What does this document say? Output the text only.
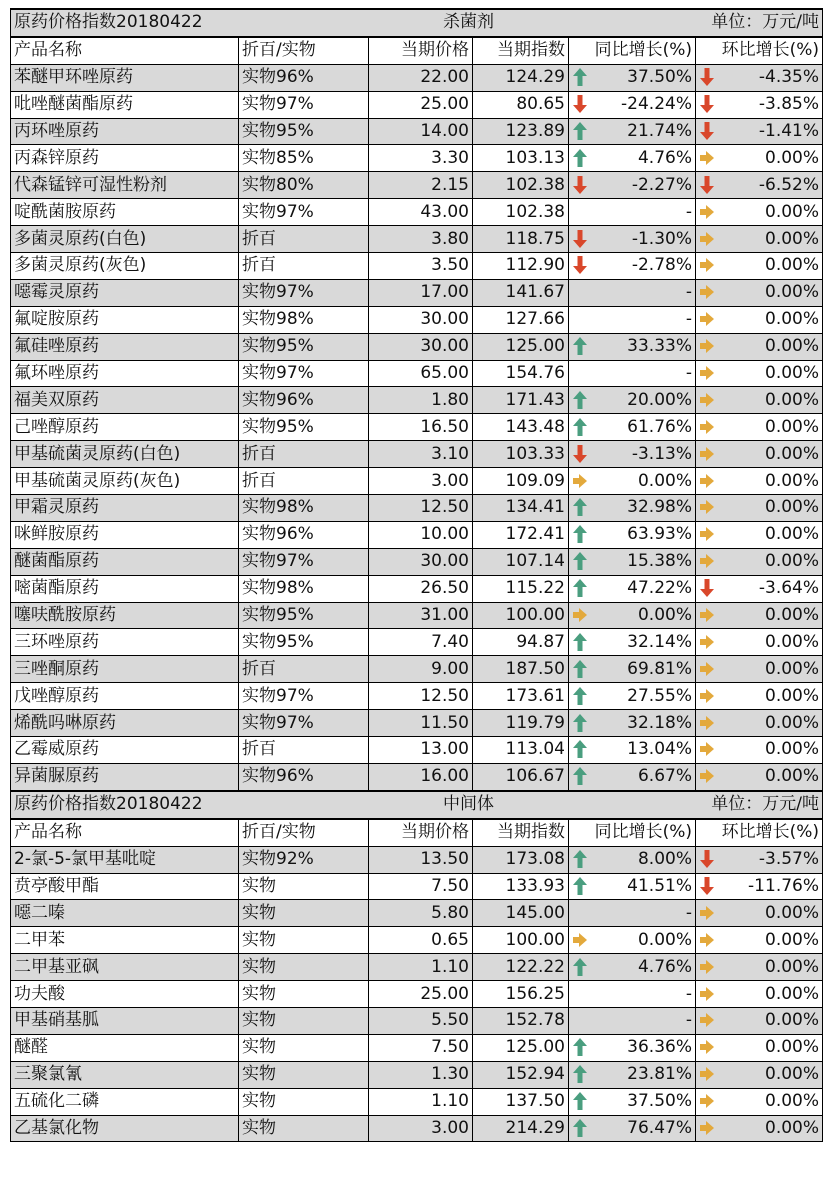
原药价格指数20180422		杀菌剂		单位：万元/吨	
产品名称	折百/实物	当期价格	当期指数	同比增长(%)	环比增长(%)
苯醚甲环唑原药	实物96%	22.00	124.29	37.50%	-4.35%

吡唑醚菌酯原药	实物97%	25.00	80.65	-24.24%	-3.85%

丙环唑原药	实物95%	14.00	123.89	21.74%	-1.41%

丙森锌原药	实物85%	3.30	103.13	4.76%	0.00%

代森锰锌可湿性粉剂	实物80%	2.15	102.38	-2.27%	-6.52%

啶酰菌胺原药	实物97%	43.00	102.38	-	0.00%

多菌灵原药(白色)	折百	3.80	118.75	-1.30%	0.00%

多菌灵原药(灰色)	折百	3.50	112.90	-2.78%	0.00%

噁霉灵原药	实物97%	17.00	141.67	-	0.00%

氟啶胺原药	实物98%	30.00	127.66	-	0.00%

氟硅唑原药	实物95%	30.00	125.00	33.33%	0.00%

氟环唑原药	实物97%	65.00	154.76	-	0.00%

福美双原药	实物96%	1.80	171.43	20.00%	0.00%

己唑醇原药	实物95%	16.50	143.48	61.76%	0.00%

甲基硫菌灵原药(白色)	折百	3.10	103.33	-3.13%	0.00%

甲基硫菌灵原药(灰色)	折百	3.00	109.09	0.00%	0.00%

甲霜灵原药	实物98%	12.50	134.41	32.98%	0.00%

咪鲜胺原药	实物96%	10.00	172.41	63.93%	0.00%

醚菌酯原药	实物97%	30.00	107.14	15.38%	0.00%

嘧菌酯原药	实物98%	26.50	115.22	47.22%	-3.64%

噻呋酰胺原药	实物95%	31.00	100.00	0.00%	0.00%

三环唑原药	实物95%	7.40	94.87	32.14%	0.00%

三唑酮原药	折百	9.00	187.50	69.81%	0.00%

戊唑醇原药	实物97%	12.50	173.61	27.55%	0.00%

烯酰吗啉原药	实物97%	11.50	119.79	32.18%	0.00%

乙霉威原药	折百	13.00	113.04	13.04%	0.00%

异菌脲原药	实物96%	16.00	106.67	6.67%	0.00%

原药价格指数20180422		中间体		单位：万元/吨	
产品名称	折百/实物	当期价格	当期指数	同比增长(%)	环比增长(%)
2-氯-5-氯甲基吡啶	实物92%	13.50	173.08	8.00%	-3.57%

贲亭酸甲酯	实物	7.50	133.93	41.51%	-11.76%

噁二嗪	实物	5.80	145.00	-	0.00%

二甲苯	实物	0.65	100.00	0.00%	0.00%

二甲基亚砜	实物	1.10	122.22	4.76%	0.00%

功夫酸	实物	25.00	156.25	-	0.00%

甲基硝基胍	实物	5.50	152.78	-	0.00%

醚醛	实物	7.50	125.00	36.36%	0.00%

三聚氯氰	实物	1.30	152.94	23.81%	0.00%

五硫化二磷	实物	1.10	137.50	37.50%	0.00%

乙基氯化物	实物	3.00	214.29	76.47%	0.00%
